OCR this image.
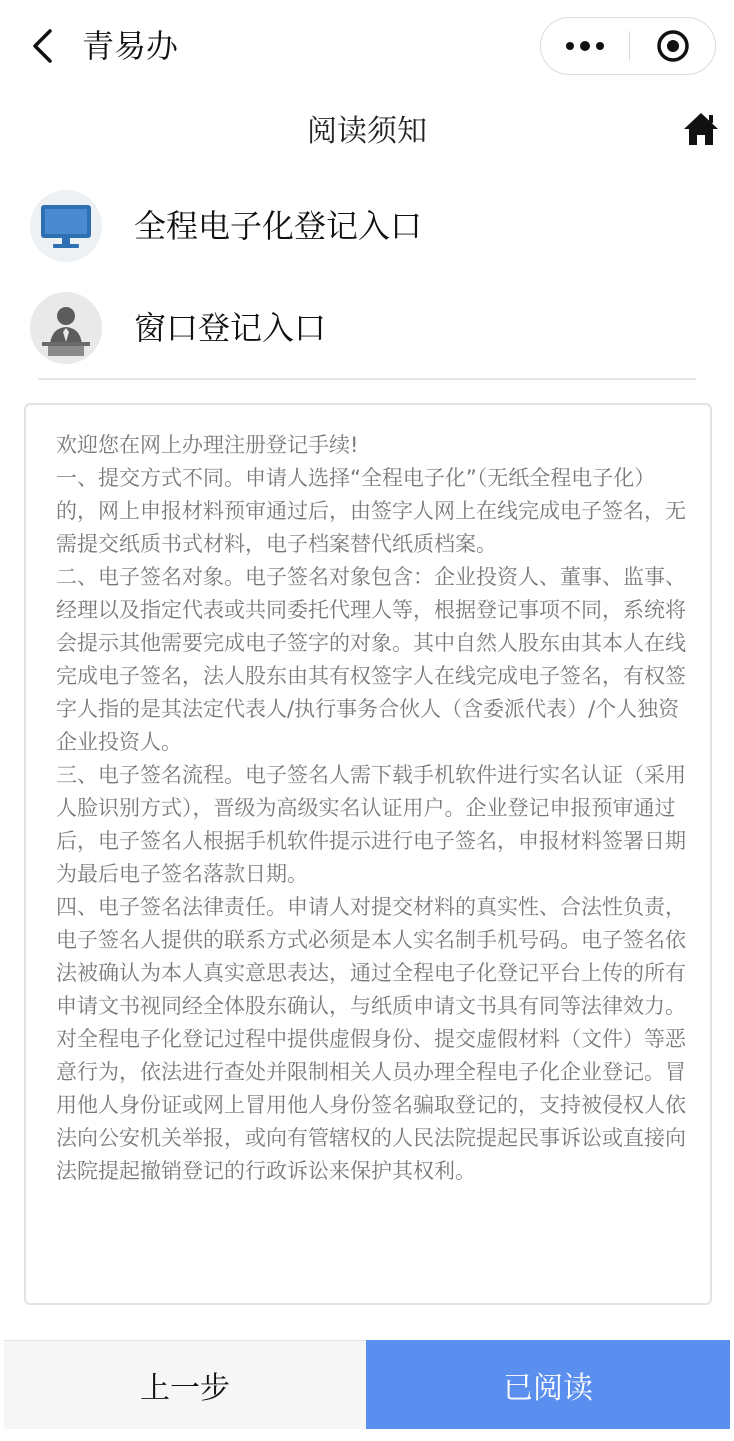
青易办
阅读须知
全程电子化登记入口
窗口登记入口
欢迎您在网上办理注册登记手续!
一、提交方式不同。申请人选择“全程电子化”（无纸全程电子化）的，网上申报材料预审通过后，由签字人网上在线完成电子签名，无需提交纸质书式材料，电子档案替代纸质档案。
二、电子签名对象。电子签名对象包含：企业投资人、董事、监事、经理以及指定代表或共同委托代理人等，根据登记事项不同，系统将会提示其他需要完成电子签字的对象。其中自然人股东由其本人在线完成电子签名，法人股东由其有权签字人在线完成电子签名，有权签字人指的是其法定代表人/执行事务合伙人（含委派代表）/个人独资企业投资人。
三、电子签名流程。电子签名人需下载手机软件进行实名认证（采用人脸识别方式），晋级为高级实名认证用户。企业登记申报预审通过后，电子签名人根据手机软件提示进行电子签名，申报材料签署日期为最后电子签名落款日期。
四、电子签名法律责任。申请人对提交材料的真实性、合法性负责，电子签名人提供的联系方式必须是本人实名制手机号码。电子签名依法被确认为本人真实意思表达，通过全程电子化登记平台上传的所有申请文书视同经全体股东确认，与纸质申请文书具有同等法律效力。对全程电子化登记过程中提供虚假身份、提交虚假材料（文件）等恶意行为，依法进行查处并限制相关人员办理全程电子化企业登记。冒用他人身份证或网上冒用他人身份签名骗取登记的，支持被侵权人依法向公安机关举报，或向有管辖权的人民法院提起民事诉讼或直接向法院提起撤销登记的行政诉讼来保护其权利。
上一步	已阅读
